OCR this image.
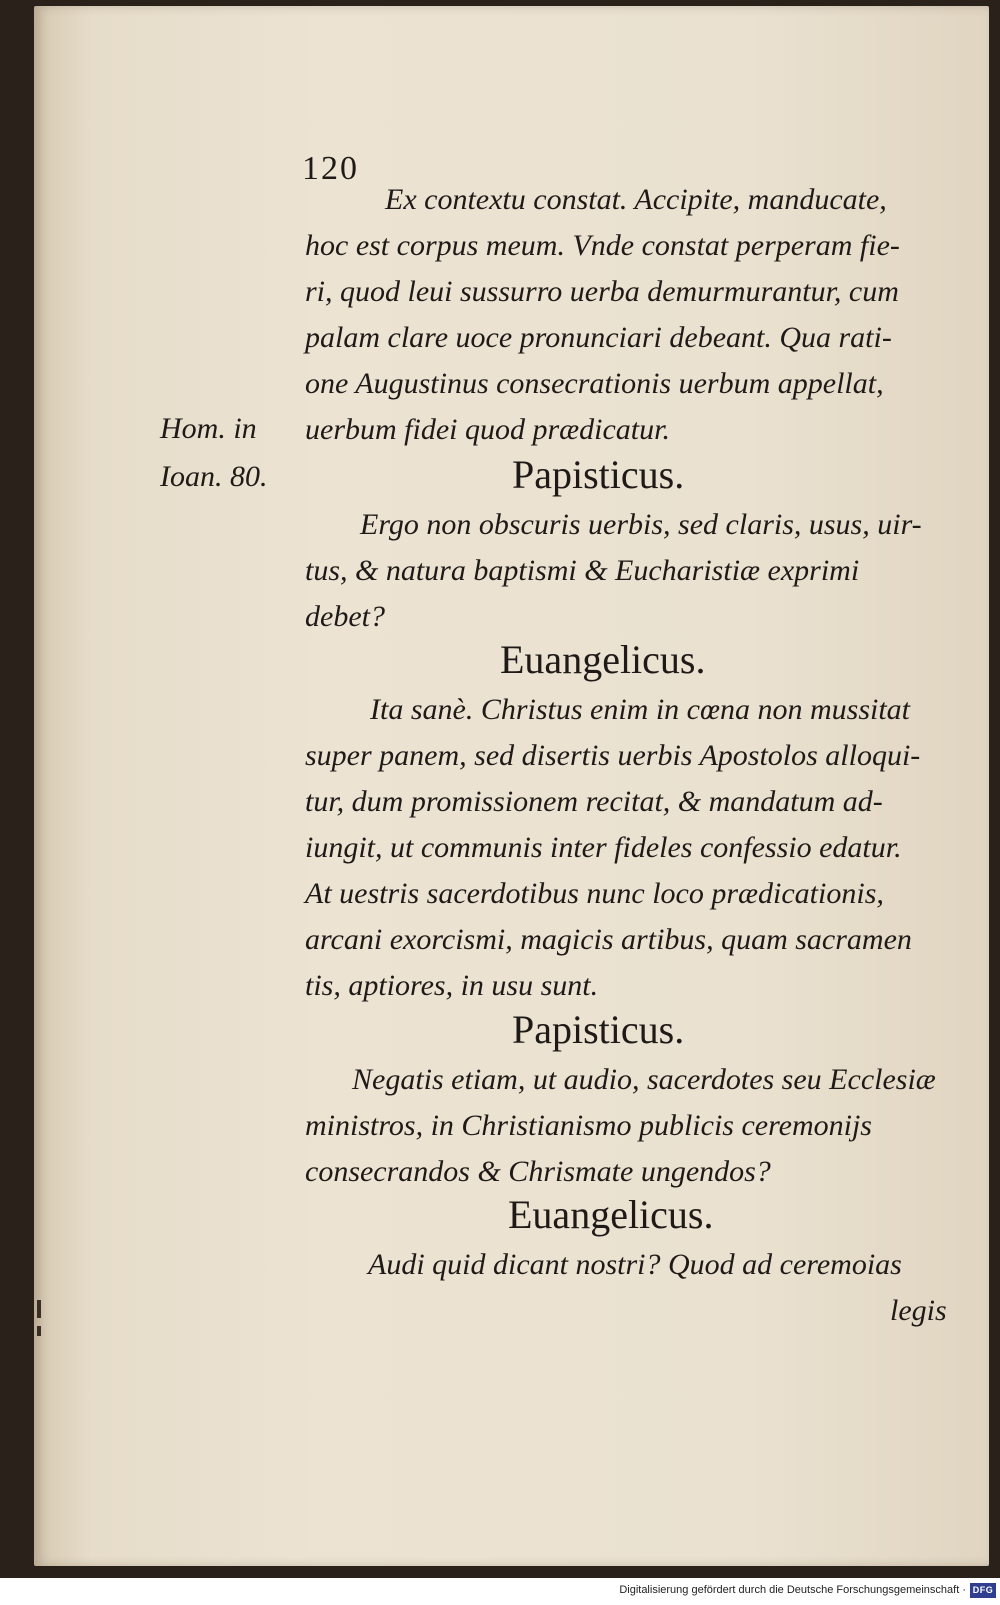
120
Hom. in
Ioan. 80.
Ex contextu constat. Accipite, manducate,
hoc est corpus meum. Vnde constat perperam fie-
ri, quod leui sussurro uerba demurmurantur, cum
palam clare uoce pronunciari debeant. Qua rati-
one Augustinus consecrationis uerbum appellat,
uerbum fidei quod prædicatur.
Papisticus.
Ergo non obscuris uerbis, sed claris, usus, uir-
tus, & natura baptismi & Eucharistiæ exprimi
debet?
Euangelicus.
Ita sanè. Christus enim in cœna non mussitat
super panem, sed disertis uerbis Apostolos alloqui-
tur, dum promissionem recitat, & mandatum ad-
iungit, ut communis inter fideles confessio edatur.
At uestris sacerdotibus nunc loco prædicationis,
arcani exorcismi, magicis artibus, quam sacramen
tis, aptiores, in usu sunt.
Papisticus.
Negatis etiam, ut audio, sacerdotes seu Ecclesiæ
ministros, in Christianismo publicis ceremonijs
consecrandos & Chrismate ungendos?
Euangelicus.
Audi quid dicant nostri? Quod ad ceremoias
legis
Digitalisierung gefördert durch die Deutsche Forschungsgemeinschaft · DFG
